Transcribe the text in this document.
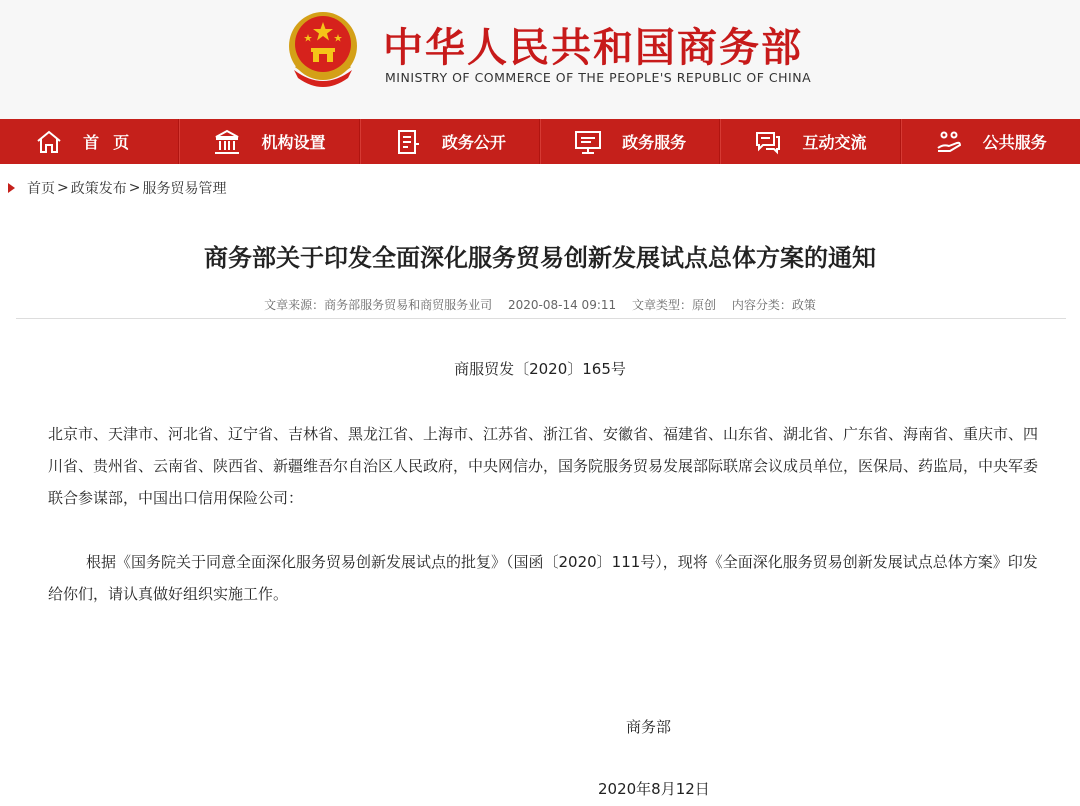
中华人民共和国商务部
MINISTRY OF COMMERCE OF THE PEOPLE'S REPUBLIC OF CHINA
首页	机构设置	政务公开	政务服务	互动交流	公共服务
首页 > 政策发布 > 服务贸易管理
商务部关于印发全面深化服务贸易创新发展试点总体方案的通知
文章来源：商务部服务贸易和商贸服务业司 2020-08-14 09:11 文章类型：原创 内容分类：政策
商服贸发〔2020〕165号
北京市、天津市、河北省、辽宁省、吉林省、黑龙江省、上海市、江苏省、浙江省、安徽省、福建省、山东省、湖北省、广东省、海南省、重庆市、四川省、贵州省、云南省、陕西省、新疆维吾尔自治区人民政府，中央网信办，国务院服务贸易发展部际联席会议成员单位，医保局、药监局，中央军委联合参谋部，中国出口信用保险公司：
根据《国务院关于同意全面深化服务贸易创新发展试点的批复》（国函〔2020〕111号），现将《全面深化服务贸易创新发展试点总体方案》印发给你们，请认真做好组织实施工作。
商务部
2020年8月12日
